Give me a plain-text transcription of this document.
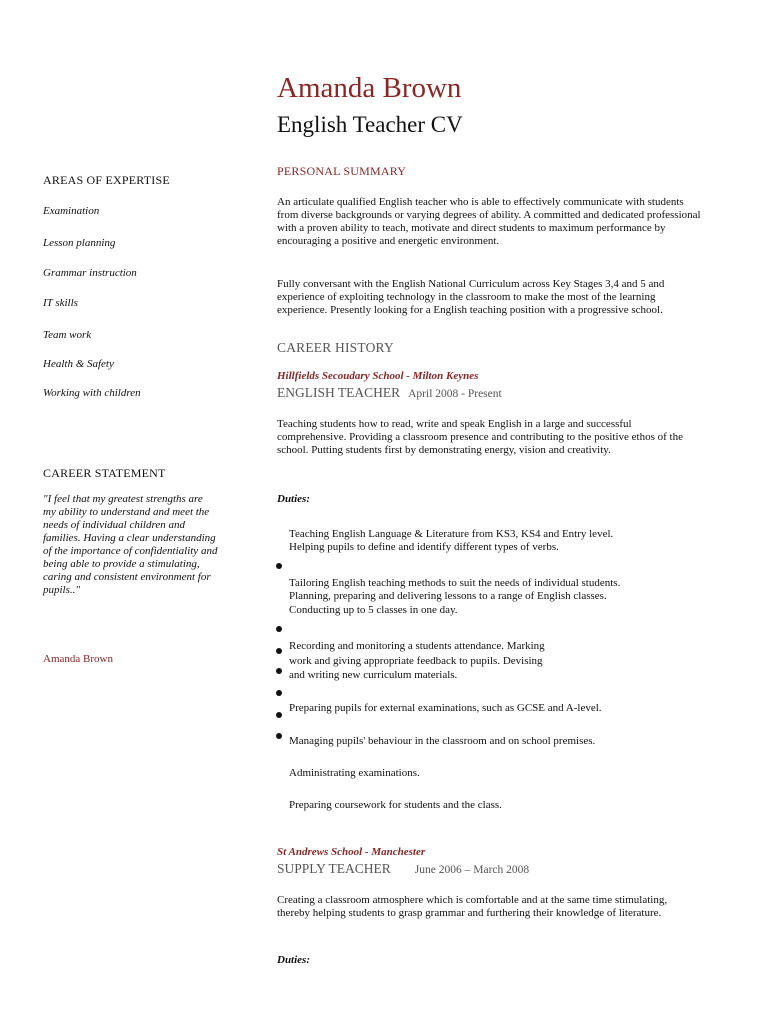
Amanda Brown
English Teacher CV
AREAS OF EXPERTISE
Examination
Lesson planning
Grammar instruction
IT skills
Team work
Health & Safety
Working with children
CAREER STATEMENT
"I feel that my greatest strengths are my ability to understand and meet the needs of individual children and families. Having a clear understanding of the importance of confidentiality and being able to provide a stimulating, caring and consistent environment for pupils.."
Amanda Brown
PERSONAL SUMMARY
An articulate qualified English teacher who is able to effectively communicate with students from diverse backgrounds or varying degrees of ability. A committed and dedicated professional with a proven ability to teach, motivate and direct students to maximum performance by encouraging a positive and energetic environment.
Fully conversant with the English National Curriculum across Key Stages 3,4 and 5 and experience of exploiting technology in the classroom to make the most of the learning experience. Presently looking for a English teaching position with a progressive school.
CAREER HISTORY
Hillfields Secoudary School - Milton Keynes
ENGLISH TEACHER April 2008 - Present
Teaching students how to read, write and speak English in a large and successful comprehensive. Providing a classroom presence and contributing to the positive ethos of the school. Putting students first by demonstrating energy, vision and creativity.
Duties:
Teaching English Language & Literature from KS3, KS4 and Entry level.
Helping pupils to define and identify different types of verbs.
Tailoring English teaching methods to suit the needs of individual students.
Planning, preparing and delivering lessons to a range of English classes.
Conducting up to 5 classes in one day.
Recording and monitoring a students attendance. Marking
work and giving appropriate feedback to pupils. Devising
and writing new curriculum materials.
Preparing pupils for external examinations, such as GCSE and A-level.
Managing pupils' behaviour in the classroom and on school premises.
Administrating examinations.
Preparing coursework for students and the class.
St Andrews School - Manchester
SUPPLY TEACHER June 2006 – March 2008
Creating a classroom atmosphere which is comfortable and at the same time stimulating, thereby helping students to grasp grammar and furthering their knowledge of literature.
Duties:
